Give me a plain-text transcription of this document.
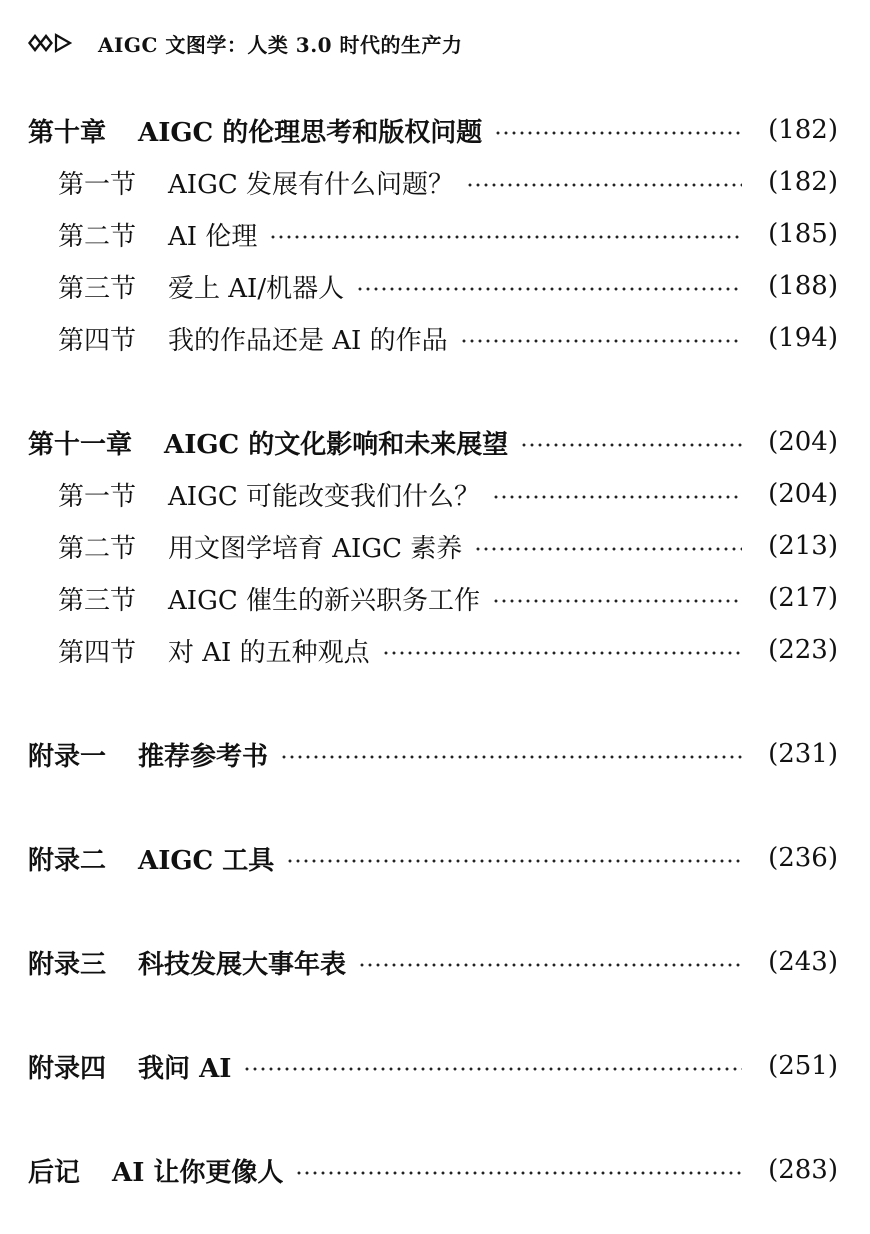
AIGC 文图学：人类 3.0 时代的生产力
第十章 AIGC 的伦理思考和版权问题	(182)
第一节 AIGC 发展有什么问题？	(182)
第二节 AI 伦理	(185)
第三节 爱上 AI/机器人	(188)
第四节 我的作品还是 AI 的作品	(194)
第十一章 AIGC 的文化影响和未来展望	(204)
第一节 AIGC 可能改变我们什么？	(204)
第二节 用文图学培育 AIGC 素养	(213)
第三节 AIGC 催生的新兴职务工作	(217)
第四节 对 AI 的五种观点	(223)
附录一 推荐参考书	(231)
附录二 AIGC 工具	(236)
附录三 科技发展大事年表	(243)
附录四 我问 AI	(251)
后记 AI 让你更像人	(283)
